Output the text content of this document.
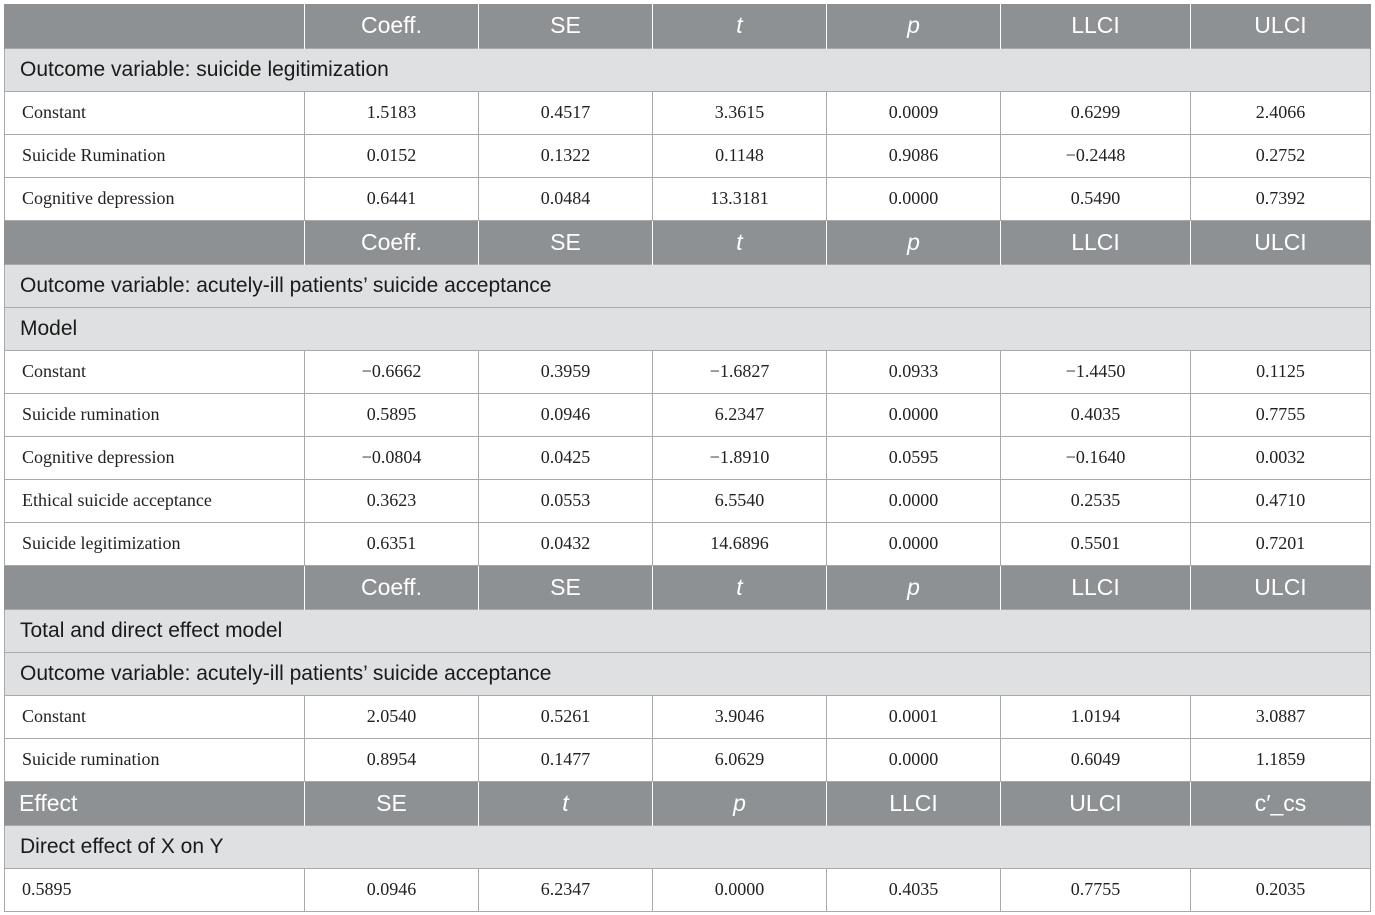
	Coeff.	SE	t	p	LLCI	ULCI
Outcome variable: suicide legitimization						
Constant	1.5183	0.4517	3.3615	0.0009	0.6299	2.4066
Suicide Rumination	0.0152	0.1322	0.1148	0.9086	−0.2448	0.2752
Cognitive depression	0.6441	0.0484	13.3181	0.0000	0.5490	0.7392
	Coeff.	SE	t	p	LLCI	ULCI
Outcome variable: acutely-ill patients’ suicide acceptance						
Model						
Constant	−0.6662	0.3959	−1.6827	0.0933	−1.4450	0.1125
Suicide rumination	0.5895	0.0946	6.2347	0.0000	0.4035	0.7755
Cognitive depression	−0.0804	0.0425	−1.8910	0.0595	−0.1640	0.0032
Ethical suicide acceptance	0.3623	0.0553	6.5540	0.0000	0.2535	0.4710
Suicide legitimization	0.6351	0.0432	14.6896	0.0000	0.5501	0.7201
	Coeff.	SE	t	p	LLCI	ULCI
Total and direct effect model						
Outcome variable: acutely-ill patients’ suicide acceptance						
Constant	2.0540	0.5261	3.9046	0.0001	1.0194	3.0887
Suicide rumination	0.8954	0.1477	6.0629	0.0000	0.6049	1.1859
Effect	SE	t	p	LLCI	ULCI	c′_cs
Direct effect of X on Y						
0.5895	0.0946	6.2347	0.0000	0.4035	0.7755	0.2035
